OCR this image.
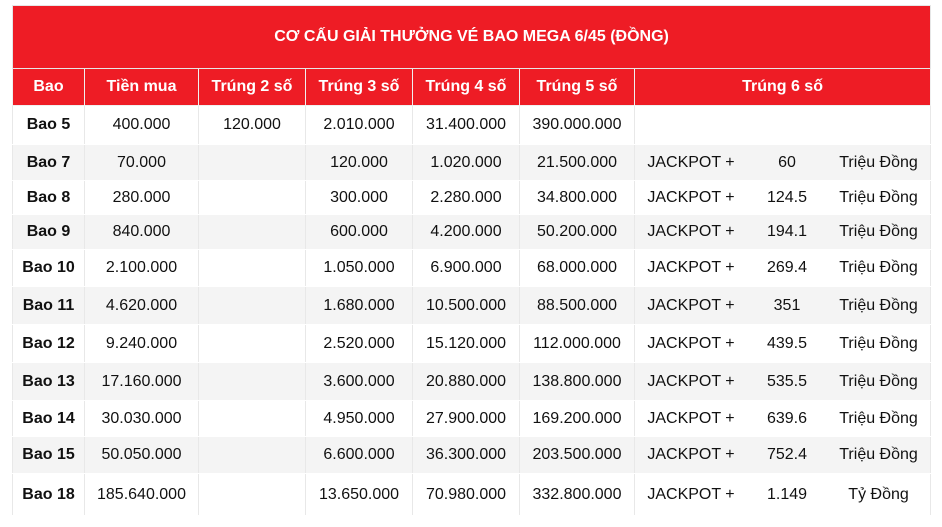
CƠ CẤU GIẢI THƯỞNG VÉ BAO MEGA 6/45 (ĐỒNG)						
Bao	Tiền mua	Trúng 2 số	Trúng 3 số	Trúng 4 số	Trúng 5 số	Trúng 6 số
Bao 5	400.000	120.000	2.010.000	31.400.000	390.000.000	

Bao 7	70.000		120.000	1.020.000	21.500.000	JACKPOT + 60 Triệu Đồng

Bao 8	280.000		300.000	2.280.000	34.800.000	JACKPOT + 124.5 Triệu Đồng

Bao 9	840.000		600.000	4.200.000	50.200.000	JACKPOT + 194.1 Triệu Đồng

Bao 10	2.100.000		1.050.000	6.900.000	68.000.000	JACKPOT + 269.4 Triệu Đồng

Bao 11	4.620.000		1.680.000	10.500.000	88.500.000	JACKPOT + 351 Triệu Đồng

Bao 12	9.240.000		2.520.000	15.120.000	112.000.000	JACKPOT + 439.5 Triệu Đồng

Bao 13	17.160.000		3.600.000	20.880.000	138.800.000	JACKPOT + 535.5 Triệu Đồng

Bao 14	30.030.000		4.950.000	27.900.000	169.200.000	JACKPOT + 639.6 Triệu Đồng

Bao 15	50.050.000		6.600.000	36.300.000	203.500.000	JACKPOT + 752.4 Triệu Đồng

Bao 18	185.640.000		13.650.000	70.980.000	332.800.000	JACKPOT + 1.149 Tỷ Đồng
